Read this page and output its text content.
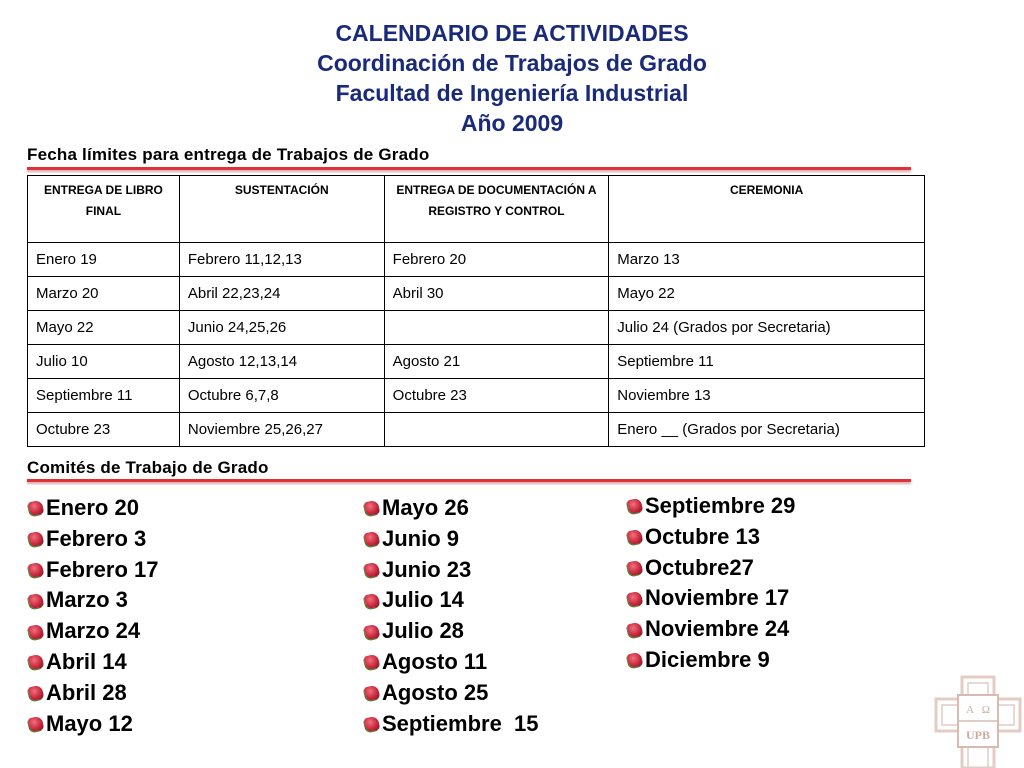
CALENDARIO DE ACTIVIDADES
Coordinación de Trabajos de Grado
Facultad de Ingeniería Industrial
Año 2009
Fecha límites para entrega de Trabajos de Grado
ENTREGA DE LIBRO FINAL	SUSTENTACIÓN	ENTREGA DE DOCUMENTACIÓN A REGISTRO Y CONTROL	CEREMONIA
Enero 19	Febrero 11,12,13	Febrero 20	Marzo 13
Marzo 20	Abril 22,23,24	Abril 30	Mayo 22
Mayo 22	Junio 24,25,26		Julio 24 (Grados por Secretaria)
Julio 10	Agosto 12,13,14	Agosto 21	Septiembre 11
Septiembre 11	Octubre 6,7,8	Octubre 23	Noviembre 13
Octubre 23	Noviembre 25,26,27		Enero __ (Grados por Secretaria)
Comités de Trabajo de Grado
Enero 20
Febrero 3
Febrero 17
Marzo 3
Marzo 24
Abril 14
Abril 28
Mayo 12
Mayo 26
Junio 9
Junio 23
Julio 14
Julio 28
Agosto 11
Agosto 25
Septiembre  15
Septiembre 29
Octubre 13
Octubre27
Noviembre 17
Noviembre 24
Diciembre 9
A   Ω
UPB
